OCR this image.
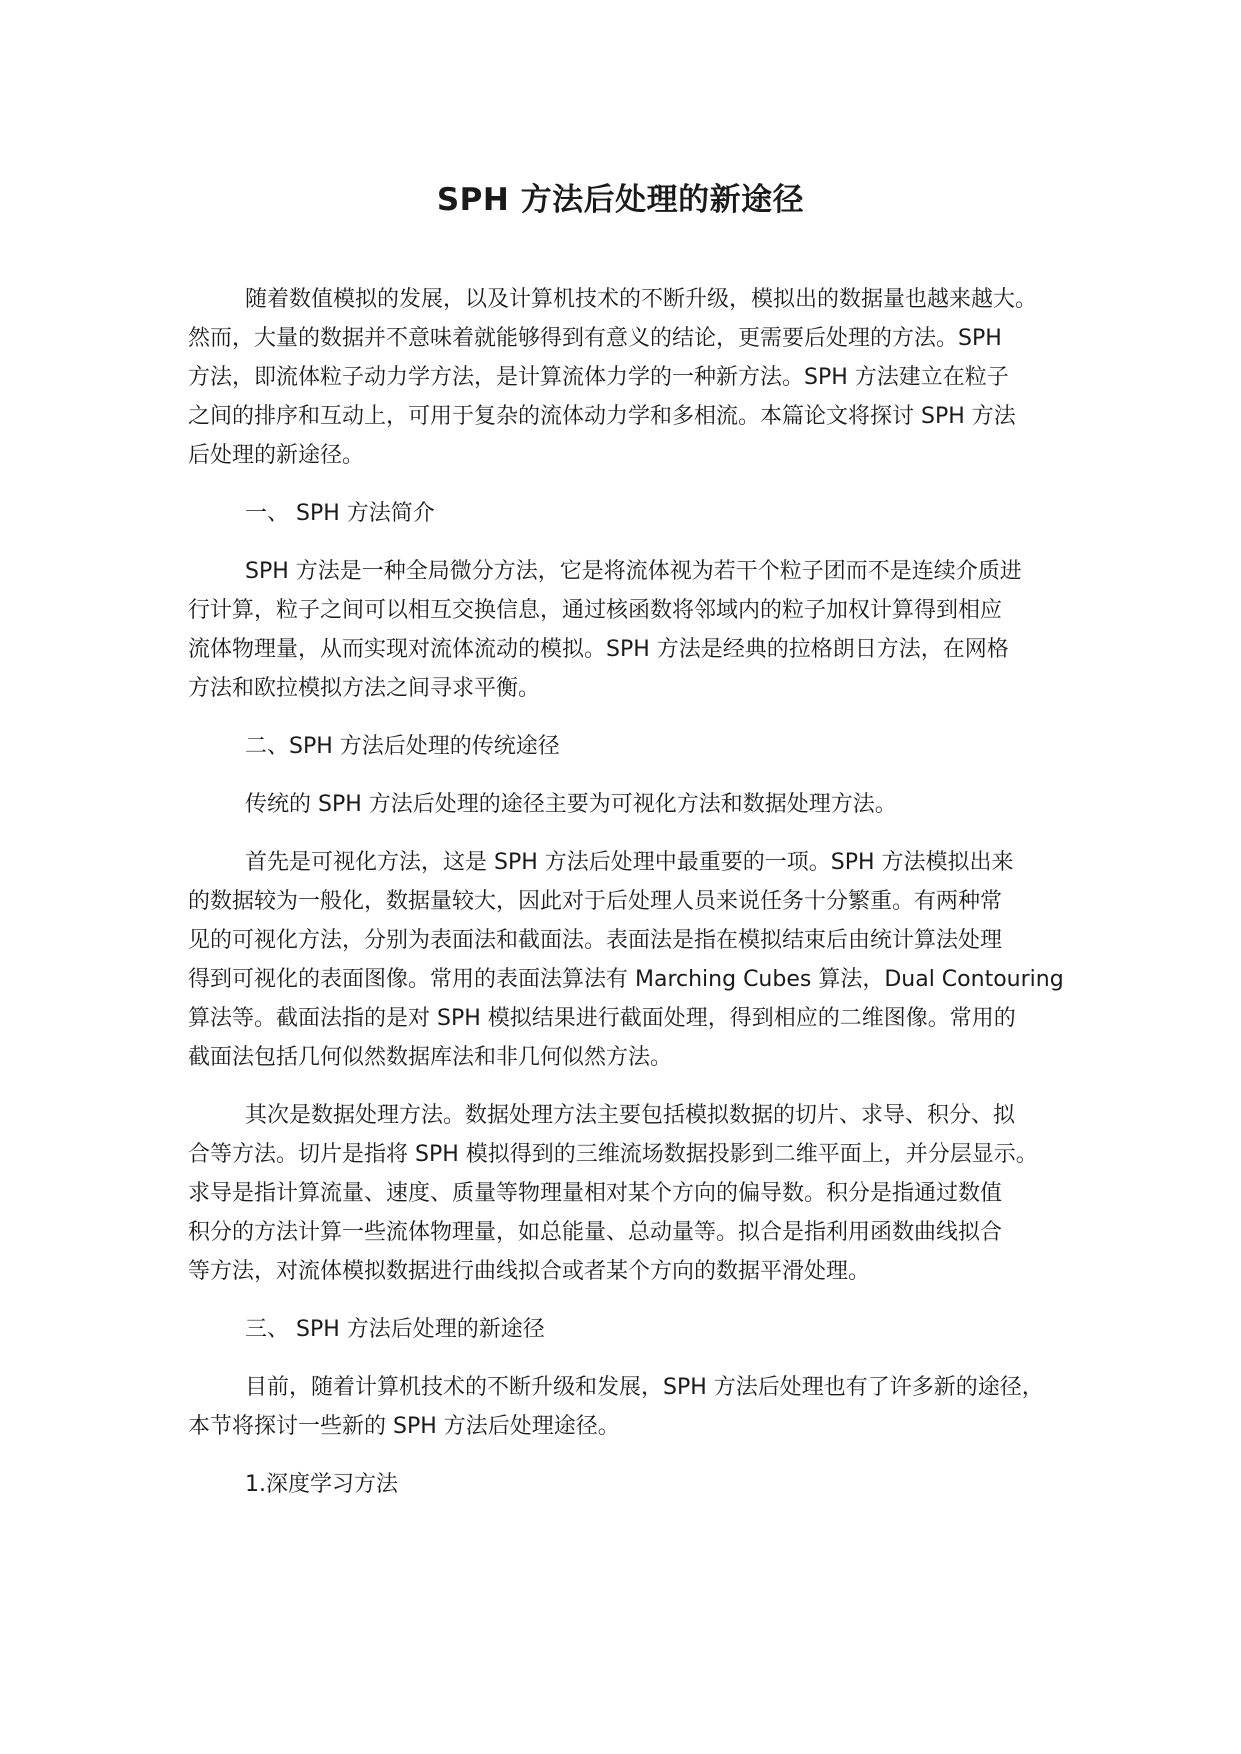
SPH 方法后处理的新途径

随着数值模拟的发展，以及计算机技术的不断升级，模拟出的数据量也越来越大。
然而，大量的数据并不意味着就能够得到有意义的结论，更需要后处理的方法。SPH
方法，即流体粒子动力学方法，是计算流体力学的一种新方法。SPH 方法建立在粒子
之间的排序和互动上，可用于复杂的流体动力学和多相流。本篇论文将探讨 SPH 方法
后处理的新途径。

一、 SPH 方法简介

SPH 方法是一种全局微分方法，它是将流体视为若干个粒子团而不是连续介质进
行计算，粒子之间可以相互交换信息，通过核函数将邻域内的粒子加权计算得到相应
流体物理量，从而实现对流体流动的模拟。SPH 方法是经典的拉格朗日方法，在网格
方法和欧拉模拟方法之间寻求平衡。

二、SPH 方法后处理的传统途径

传统的 SPH 方法后处理的途径主要为可视化方法和数据处理方法。

首先是可视化方法，这是 SPH 方法后处理中最重要的一项。SPH 方法模拟出来
的数据较为一般化，数据量较大，因此对于后处理人员来说任务十分繁重。有两种常
见的可视化方法，分别为表面法和截面法。表面法是指在模拟结束后由统计算法处理
得到可视化的表面图像。常用的表面法算法有 Marching Cubes 算法，Dual Contouring
算法等。截面法指的是对 SPH 模拟结果进行截面处理，得到相应的二维图像。常用的
截面法包括几何似然数据库法和非几何似然方法。

其次是数据处理方法。数据处理方法主要包括模拟数据的切片、求导、积分、拟
合等方法。切片是指将 SPH 模拟得到的三维流场数据投影到二维平面上，并分层显示。
求导是指计算流量、速度、质量等物理量相对某个方向的偏导数。积分是指通过数值
积分的方法计算一些流体物理量，如总能量、总动量等。拟合是指利用函数曲线拟合
等方法，对流体模拟数据进行曲线拟合或者某个方向的数据平滑处理。

三、 SPH 方法后处理的新途径

目前，随着计算机技术的不断升级和发展，SPH 方法后处理也有了许多新的途径，
本节将探讨一些新的 SPH 方法后处理途径。

1.深度学习方法
